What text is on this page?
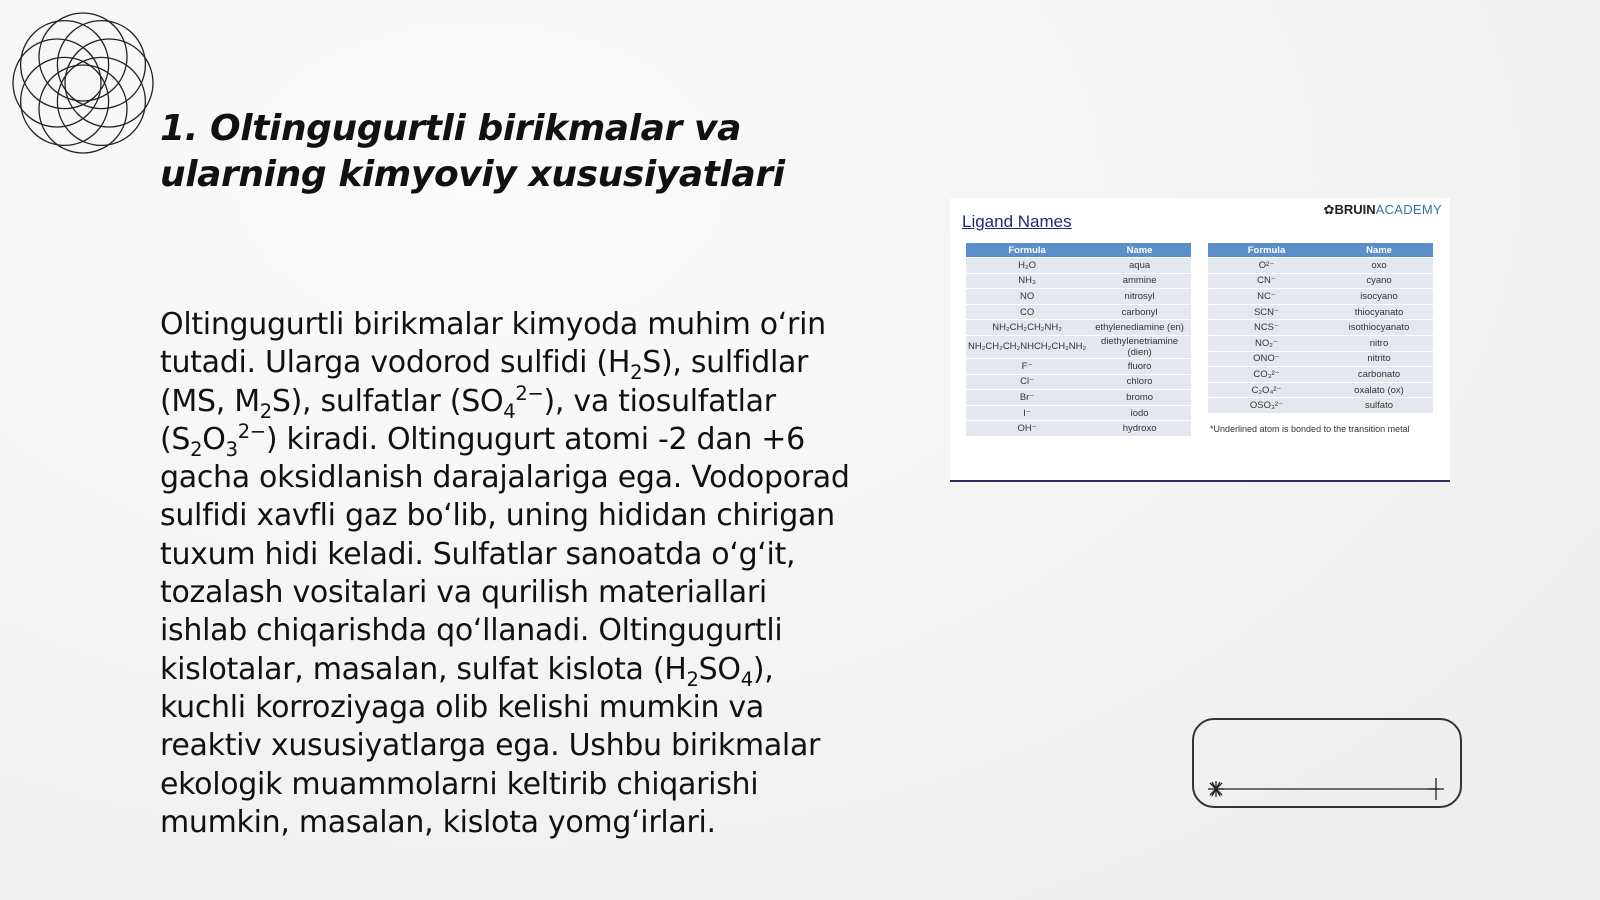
1. Oltingugurtli birikmalar va ularning kimyoviy xususiyatlari

Oltingugurtli birikmalar kimyoda muhim o‘rin tutadi. Ularga vodorod sulfidi $(H_2S)$, sulfidlar (MS, $M_2S$), sulfatlar $(SO_4^{2-})$, va tiosulfatlar $(S_2O_3^{2-})$ kiradi. Oltingugurt atomi -2 dan +6 gacha oksidlanish darajalariga ega. Vodoporad sulfidi xavfli gaz bo‘lib, uning hididan chirigan tuxum hidi keladi. Sulfatlar sanoatda o‘g‘it, tozalash vositalari va qurilish materiallari ishlab chiqarishda qo‘llanadi. Oltingugurtli kislotalar, masalan, sulfat kislota $(H_2SO_4)$, kuchli korroziyaga olib kelishi mumkin va reaktiv xususiyatlarga ega. Ushbu birikmalar ekologik muammolarni keltirib chiqarishi mumkin, masalan, kislota yomg‘irlari.

Ligand Names
✿BRUINACADEMY
Formula	Name
H₂O	aqua
NH₃	ammine
NO	nitrosyl
CO	carbonyl
NH₂CH₂CH₂NH₂	ethylenediamine (en)
NH₂CH₂CH₂NHCH₂CH₂NH₂	diethylenetriamine (dien)
F⁻	fluoro
Cl⁻	chloro
Br⁻	bromo
I⁻	iodo
OH⁻	hydroxo
Formula	Name
O²⁻	oxo
CN⁻	cyano
NC⁻	isocyano
SCN⁻	thiocyanato
NCS⁻	isothiocyanato
NO₂⁻	nitro
ONO⁻	nitrito
CO₃²⁻	carbonato
C₂O₄²⁻	oxalato (ox)
OSO₃²⁻	sulfato
*Underlined atom is bonded to the transition metal
